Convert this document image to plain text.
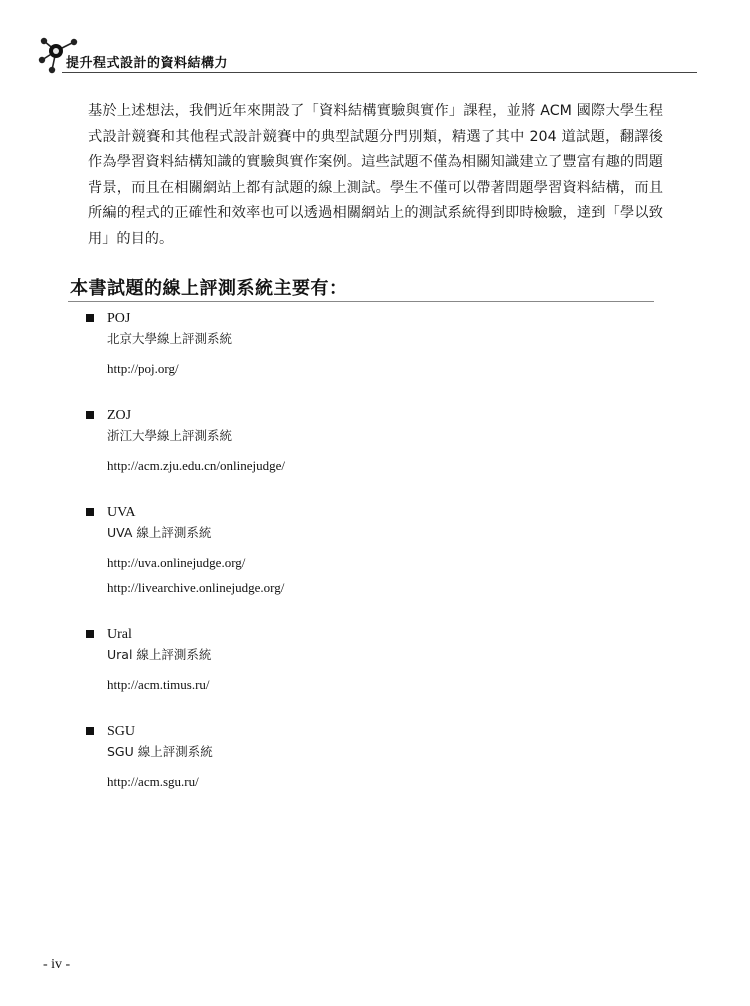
提升程式設計的資料結構力

基於上述想法，我們近年來開設了「資料結構實驗與實作」課程，並將 ACM 國際大學生程式設計競賽和其他程式設計競賽中的典型試題分門別類，精選了其中 204 道試題，翻譯後作為學習資料結構知識的實驗與實作案例。這些試題不僅為相關知識建立了豐富有趣的問題背景，而且在相關網站上都有試題的線上測試。學生不僅可以帶著問題學習資料結構，而且所編的程式的正確性和效率也可以透過相關網站上的測試系統得到即時檢驗，達到「學以致用」的目的。

本書試題的線上評測系統主要有：
POJ
北京大學線上評測系統
http://poj.org/
ZOJ
浙江大學線上評測系統
http://acm.zju.edu.cn/onlinejudge/
UVA
UVA 線上評測系統
http://uva.onlinejudge.org/
http://livearchive.onlinejudge.org/
Ural
Ural 線上評測系統
http://acm.timus.ru/
SGU
SGU 線上評測系統
http://acm.sgu.ru/
- iv -
